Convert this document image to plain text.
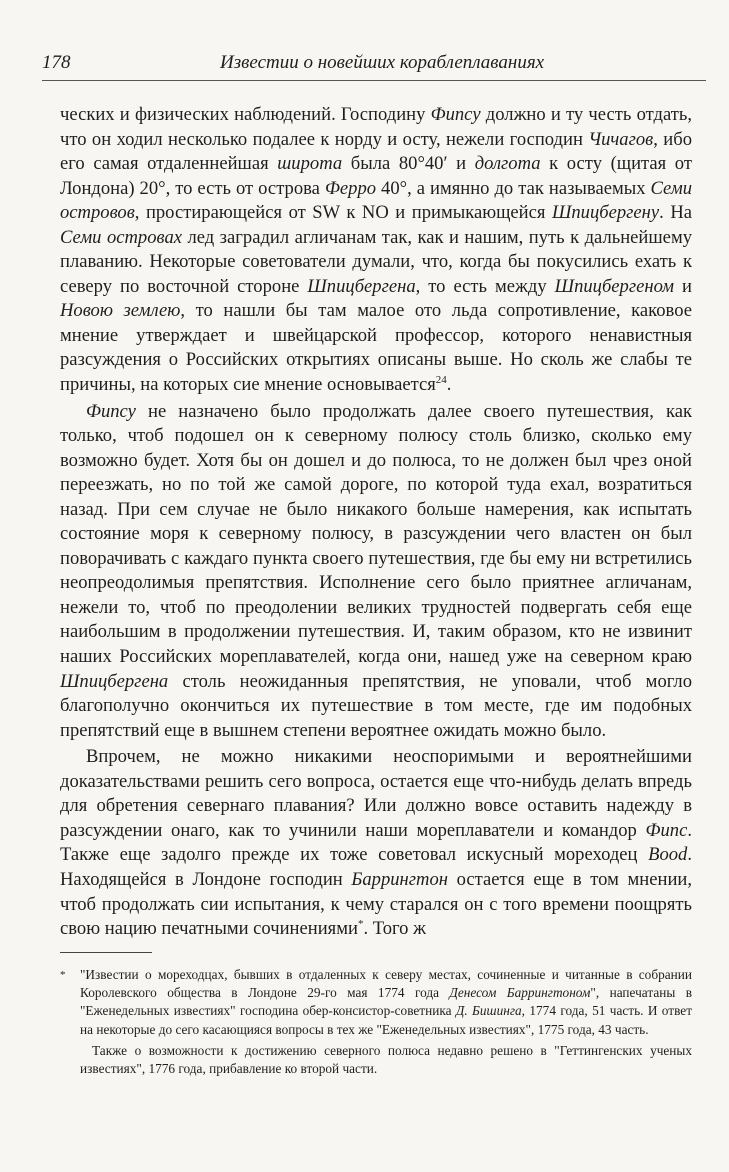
178	Известии о новейших кораблеплаваниях

ческих и физических наблюдений. Господину Фипсу должно и ту честь отдать, что он ходил несколько подалее к норду и осту, нежели господин Чичагов, ибо его самая отдаленнейшая широта была 80°40′ и долгота к осту (щитая от Лондона) 20°, то есть от острова Ферро 40°, а имянно до так называемых Семи островов, простирающейся от SW к NO и примыкающейся Шпицбергену. На Семи островах лед заградил агличанам так, как и нашим, путь к дальнейшему плаванию. Некоторые советователи думали, что, когда бы покусились ехать к северу по восточной стороне Шпицбергена, то есть между Шпицбергеном и Новою землею, то нашли бы там малое ото льда сопротивление, каковое мнение утверждает и швейцарской профессор, которого ненавистныя разсуждения о Российских открытиях описаны выше. Но сколь же слабы те причины, на которых сие мнение основывается$^{24}$.

Фипсу не назначено было продолжать далее своего путешествия, как только, чтоб подошел он к северному полюсу столь близко, сколько ему возможно будет. Хотя бы он дошел и до полюса, то не должен был чрез оной переезжать, но по той же самой дороге, по которой туда ехал, возратиться назад. При сем случае не было никакого больше намерения, как испытать состояние моря к северному полюсу, в разсуждении чего властен он был поворачивать с каждаго пункта своего путешествия, где бы ему ни встретились неопреодолимыя препятствия. Исполнение сего было приятнее агличанам, нежели то, чтоб по преодолении великих трудностей подвергать себя еще наибольшим в продолжении путешествия. И, таким образом, кто не извинит наших Российских мореплавателей, когда они, нашед уже на северном краю Шпицбергена столь неожиданныя препятствия, не уповали, чтоб могло благополучно окончиться их путешествие в том месте, где им подобных препятствий еще в вышнем степени вероятнее ожидать можно было.

Впрочем, не можно никакими неоспоримыми и вероятнейшими доказательствами решить сего вопроса, остается еще что-нибудь делать впредь для обретения севернаго плавания? Или должно вовсе оставить надежду в разсуждении онаго, как то учинили наши мореплаватели и командор Фипс. Также еще задолго прежде их тоже советовал искусный мореходец Вood. Находящейся в Лондоне господин Баррингтон остается еще в том мнении, чтоб продолжать сии испытания, к чему старался он с того времени поощрять свою нацию печатными сочинениями*. Того ж

* "Известии о мореходцах, бывших в отдаленных к северу местах, сочиненные и читанные в собрании Королевского общества в Лондоне 29-го мая 1774 года Денесом Баррингтоном", напечатаны в "Еженедельных известиях" господина обер-консистор-советника Д. Бишинга, 1774 года, 51 часть. И ответ на некоторые до сего касающияся вопросы в тех же "Еженедельных известиях", 1775 года, 43 часть.

Также о возможности к достижению северного полюса недавно решено в "Геттингенских ученых известиях", 1776 года, прибавление ко второй части.
